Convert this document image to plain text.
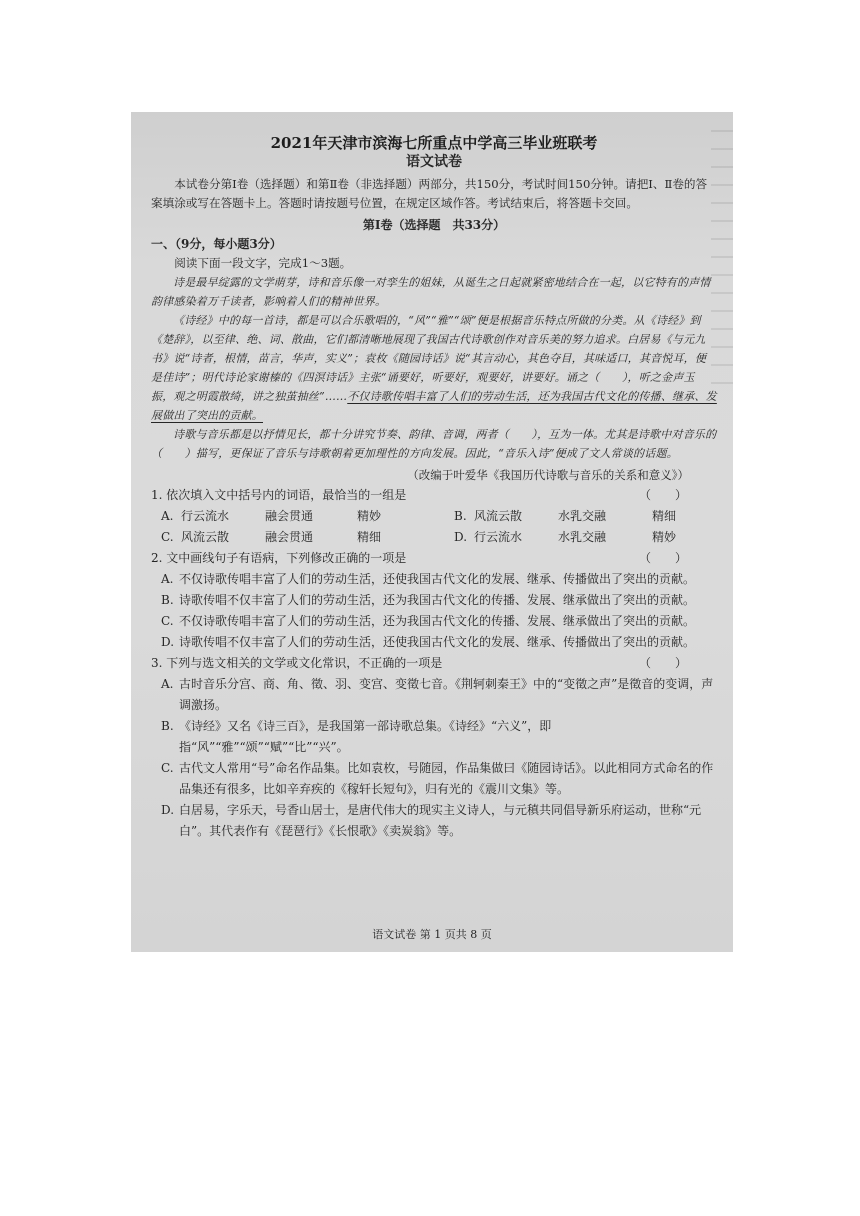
2021年天津市滨海七所重点中学高三毕业班联考

语文试卷

本试卷分第Ⅰ卷（选择题）和第Ⅱ卷（非选择题）两部分，共150分，考试时间150分钟。请把Ⅰ、Ⅱ卷的答案填涂或写在答题卡上。答题时请按题号位置，在规定区域作答。考试结束后，将答题卡交回。

第Ⅰ卷（选择题　共33分）

一、（9分，每小题3分）

阅读下面一段文字，完成1～3题。

诗是最早绽露的文学萌芽，诗和音乐像一对孪生的姐妹，从诞生之日起就紧密地结合在一起，以它特有的声情韵律感染着万千读者，影响着人们的精神世界。

《诗经》中的每一首诗，都是可以合乐歌唱的，“风”“雅”“颂”便是根据音乐特点所做的分类。从《诗经》到《楚辞》，以至律、绝、词、散曲，它们都清晰地展现了我国古代诗歌创作对音乐美的努力追求。白居易《与元九书》说“诗者，根情，苗言，华声，实义”；袁枚《随园诗话》说“其言动心，其色夺目，其味适口，其音悦耳，便是佳诗”；明代诗论家谢榛的《四溟诗话》主张“诵要好，听要好，观要好，讲要好。诵之（　　），听之金声玉振，观之明霞散绮，讲之独茧抽丝”……不仅诗歌传唱丰富了人们的劳动生活，还为我国古代文化的传播、继承、发展做出了突出的贡献。

诗歌与音乐都是以抒情见长，都十分讲究节奏、韵律、音调，两者（　　），互为一体。尤其是诗歌中对音乐的（　　）描写，更保证了音乐与诗歌朝着更加理性的方向发展。因此，“音乐入诗”便成了文人常谈的话题。

（改编于叶爱华《我国历代诗歌与音乐的关系和意义》）

1. 依次填入文中括号内的词语，最恰当的一组是	（　　）
A. 行云流水	融会贯通	精妙	B. 风流云散	水乳交融	精细
C. 风流云散	融会贯通	精细	D. 行云流水	水乳交融	精妙
2. 文中画线句子有语病，下列修改正确的一项是	（　　）
A. 不仅诗歌传唱丰富了人们的劳动生活，还使我国古代文化的发展、继承、传播做出了突出的贡献。
B. 诗歌传唱不仅丰富了人们的劳动生活，还为我国古代文化的传播、发展、继承做出了突出的贡献。
C. 不仅诗歌传唱丰富了人们的劳动生活，还为我国古代文化的传播、发展、继承做出了突出的贡献。
D. 诗歌传唱不仅丰富了人们的劳动生活，还使我国古代文化的发展、继承、传播做出了突出的贡献。
3. 下列与选文相关的文学或文化常识，不正确的一项是	（　　）
A. 古时音乐分宫、商、角、徵、羽、变宫、变徵七音。《荆轲刺秦王》中的“变徵之声”是徵音的变调，声调激扬。
B. 《诗经》又名《诗三百》，是我国第一部诗歌总集。《诗经》“六义”，即指“风”“雅”“颂”“赋”“比”“兴”。
C. 古代文人常用“号”命名作品集。比如袁枚，号随园，作品集做曰《随园诗话》。以此相同方式命名的作品集还有很多，比如辛弃疾的《稼轩长短句》，归有光的《震川文集》等。
D. 白居易，字乐天，号香山居士，是唐代伟大的现实主义诗人，与元稹共同倡导新乐府运动，世称“元白”。其代表作有《琵琶行》《长恨歌》《卖炭翁》等。
语文试卷 第 1 页共 8 页
